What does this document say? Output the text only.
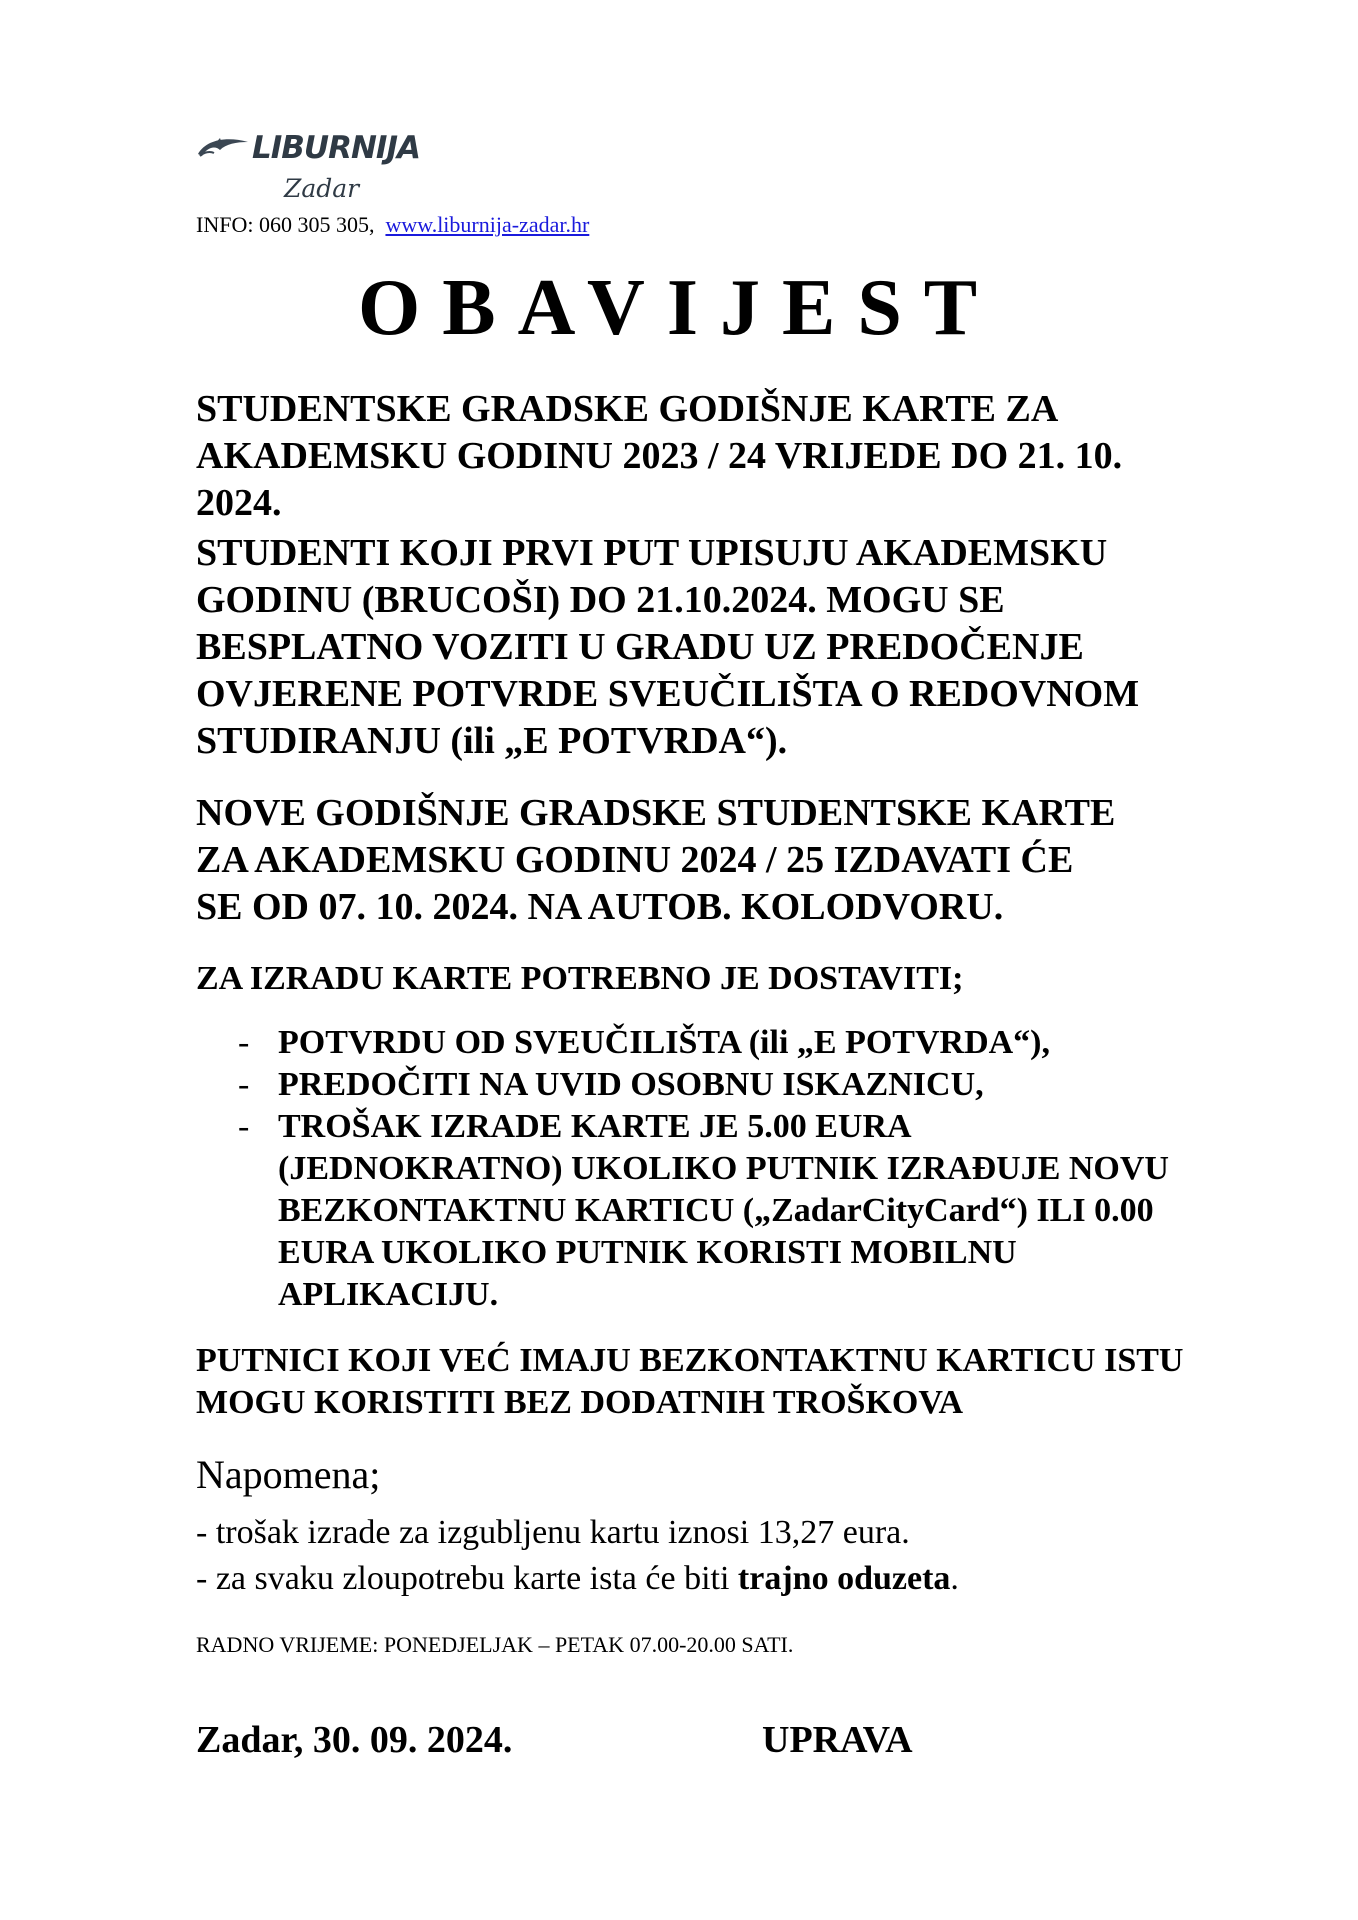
LIBURNIJA
Zadar
INFO: 060 305 305, www.liburnija-zadar.hr
OBAVIJEST
STUDENTSKE GRADSKE GODIŠNJE KARTE ZA
AKADEMSKU GODINU 2023 / 24 VRIJEDE DO 21. 10.
2024.
STUDENTI KOJI PRVI PUT UPISUJU AKADEMSKU
GODINU (BRUCOŠI) DO 21.10.2024. MOGU SE
BESPLATNO VOZITI U GRADU UZ PREDOČENJE
OVJERENE POTVRDE SVEUČILIŠTA O REDOVNOM
STUDIRANJU (ili „E POTVRDA“).
NOVE GODIŠNJE GRADSKE STUDENTSKE KARTE
ZA AKADEMSKU GODINU 2024 / 25 IZDAVATI ĆE
SE OD 07. 10. 2024. NA AUTOB. KOLODVORU.
ZA IZRADU KARTE POTREBNO JE DOSTAVITI;
- POTVRDU OD SVEUČILIŠTA (ili „E POTVRDA“),
- PREDOČITI NA UVID OSOBNU ISKAZNICU,
- TROŠAK IZRADE KARTE JE 5.00 EURA
(JEDNOKRATNO) UKOLIKO PUTNIK IZRAĐUJE NOVU
BEZKONTAKTNU KARTICU („ZadarCityCard“) ILI 0.00
EURA UKOLIKO PUTNIK KORISTI MOBILNU
APLIKACIJU.
PUTNICI KOJI VEĆ IMAJU BEZKONTAKTNU KARTICU ISTU
MOGU KORISTITI BEZ DODATNIH TROŠKOVA
Napomena;
- trošak izrade za izgubljenu kartu iznosi 13,27 eura.
- za svaku zloupotrebu karte ista će biti trajno oduzeta.
RADNO VRIJEME: PONEDJELJAK – PETAK 07.00-20.00 SATI.
Zadar, 30. 09. 2024.	UPRAVA
